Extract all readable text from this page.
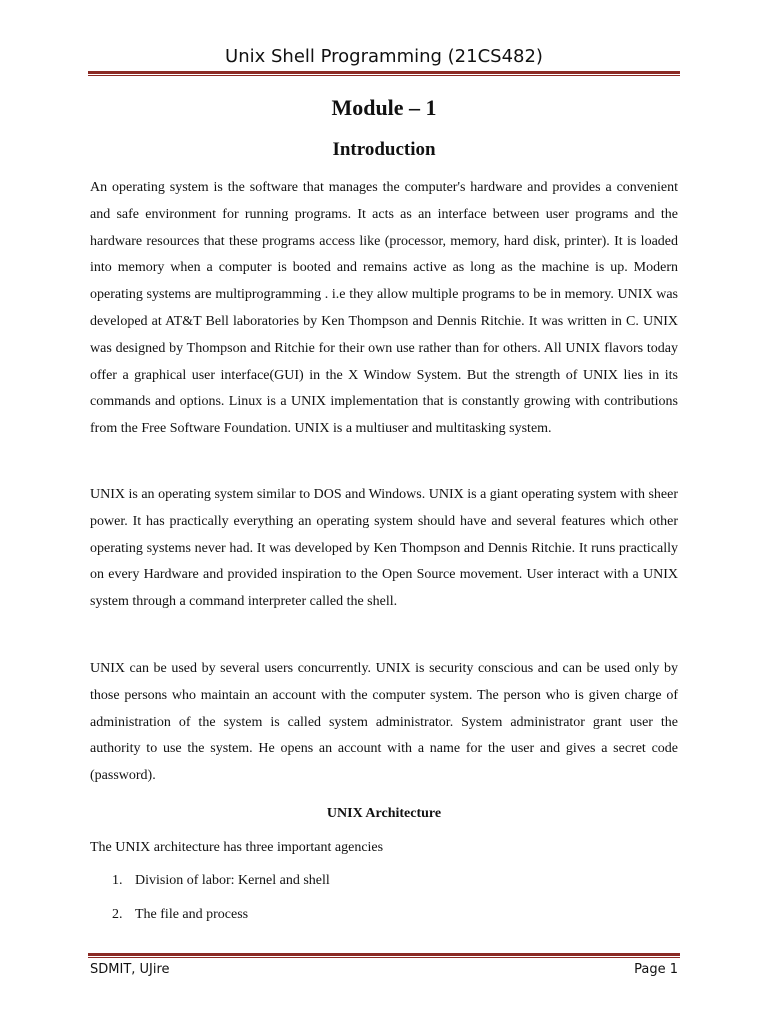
Unix Shell Programming (21CS482)
Module – 1
Introduction

An operating system is the software that manages the computer's hardware and provides a convenient and safe environment for running programs. It acts as an interface between user programs and the hardware resources that these programs access like (processor, memory, hard disk, printer). It is loaded into memory when a computer is booted and remains active as long as the machine is up. Modern operating systems are multiprogramming . i.e they allow multiple programs to be in memory. UNIX was developed at AT&T Bell laboratories by Ken Thompson and Dennis Ritchie. It was written in C. UNIX was designed by Thompson and Ritchie for their own use rather than for others. All UNIX flavors today offer a graphical user interface(GUI) in the X Window System. But the strength of UNIX lies in its commands and options. Linux is a UNIX implementation that is constantly growing with contributions from the Free Software Foundation. UNIX is a multiuser and multitasking system.

UNIX is an operating system similar to DOS and Windows. UNIX is a giant operating system with sheer power. It has practically everything an operating system should have and several features which other operating systems never had. It was developed by Ken Thompson and Dennis Ritchie. It runs practically on every Hardware and provided inspiration to the Open Source movement. User interact with a UNIX system through a command interpreter called the shell.

UNIX can be used by several users concurrently. UNIX is security conscious and can be used only by those persons who maintain an account with the computer system. The person who is given charge of administration of the system is called system administrator. System administrator grant user the authority to use the system. He opens an account with a name for the user and gives a secret code (password).

UNIX Architecture
The UNIX architecture has three important agencies
1. Division of labor: Kernel and shell
2. The file and process
SDMIT, UJire	Page 1
